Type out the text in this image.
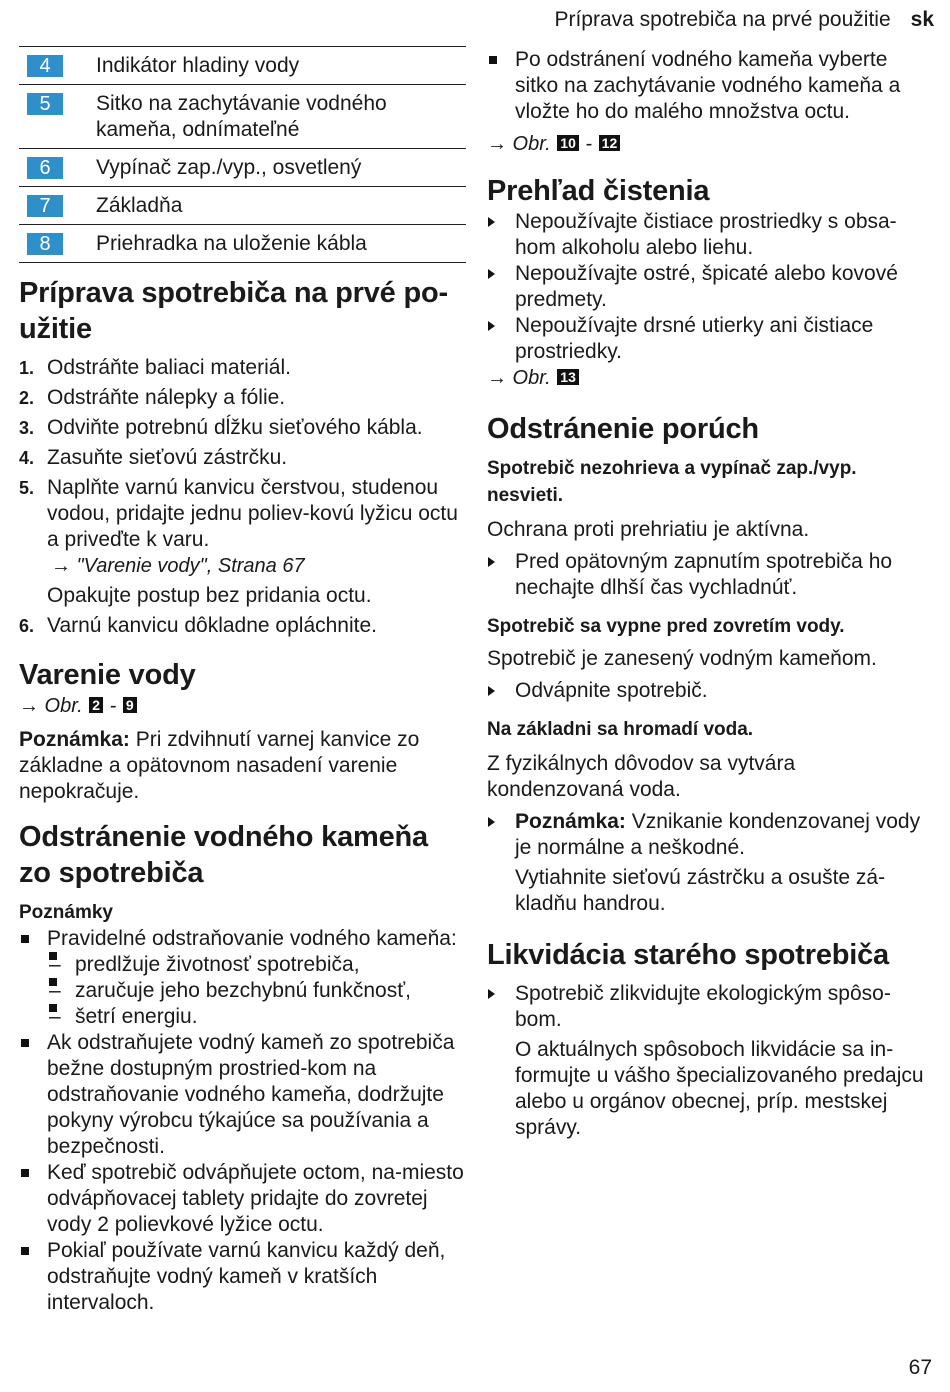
Príprava spotrebiča na prvé použitie sk
4	Indikátor hladiny vody
5	Sitko na zachytávanie vodného kameňa, odnímateľné
6	Vypínač zap./vyp., osvetlený
7	Základňa
8	Priehradka na uloženie kábla
Príprava spotrebiča na prvé po-
užitie
1. Odstráňte baliaci materiál.
2. Odstráňte nálepky a fólie.
3. Odviňte potrebnú dĺžku sieťového kábla.
4. Zasuňte sieťovú zástrčku.
5. Naplňte varnú kanvicu čerstvou, studenou vodou, pridajte jednu poliev-kovú lyžicu octu a priveďte k varu.
→ "Varenie vody", Strana 67
Opakujte postup bez pridania octu.
6. Varnú kanvicu dôkladne opláchnite.
Varenie vody
→ Obr. 2 - 9

Poznámka: Pri zdvihnutí varnej kanvice zo základne a opätovnom nasadení varenie nepokračuje.

Odstránenie vodného kameňa zo spotrebiča
Poznámky
Pravidelné odstraňovanie vodného kameňa:
– predlžuje životnosť spotrebiča,
– zaručuje jeho bezchybnú funkčnosť,
– šetrí energiu.
Ak odstraňujete vodný kameň zo spotrebiča bežne dostupným prostried-kom na odstraňovanie vodného kameňa, dodržujte pokyny výrobcu týkajúce sa používania a bezpečnosti.
Keď spotrebič odvápňujete octom, na-miesto odvápňovacej tablety pridajte do zovretej vody 2 polievkové lyžice octu.
Pokiaľ používate varnú kanvicu každý deň, odstraňujte vodný kameň v kratších intervaloch.
Po odstránení vodného kameňa vyberte sitko na zachytávanie vodného kameňa a vložte ho do malého množstva octu.
→ Obr. 10 - 12
Prehľad čistenia
Nepoužívajte čistiace prostriedky s obsa-hom alkoholu alebo liehu.
Nepoužívajte ostré, špicaté alebo kovové predmety.
Nepoužívajte drsné utierky ani čistiace prostriedky.
→ Obr. 13
Odstránenie porúch
Spotrebič nezohrieva a vypínač zap./vyp. nesvieti.

Ochrana proti prehriatiu je aktívna.

Pred opätovným zapnutím spotrebiča ho nechajte dlhší čas vychladnúť.
Spotrebič sa vypne pred zovretím vody.

Spotrebič je zanesený vodným kameňom.

Odvápnite spotrebič.
Na základni sa hromadí voda.

Z fyzikálnych dôvodov sa vytvára kondenzovaná voda.

Poznámka: Vznikanie kondenzovanej vody je normálne a neškodné.
Vytiahnite sieťovú zástrčku a osušte zá-kladňu handrou.
Likvidácia starého spotrebiča
Spotrebič zlikvidujte ekologickým spôso-bom.
O aktuálnych spôsoboch likvidácie sa in-formujte u vášho špecializovaného predajcu alebo u orgánov obecnej, príp. mestskej správy.
67
